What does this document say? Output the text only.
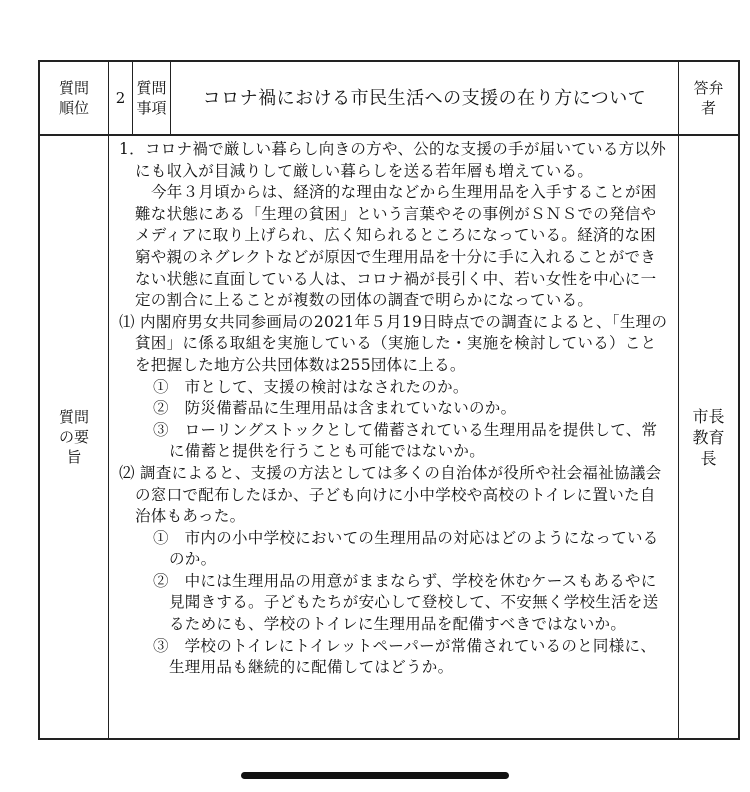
質問
順位
2
質問
事項 コロナ禍における市民生活への支援の在り方について	答弁
者
質問
の要
旨

1．コロナ禍で厳しい暮らし向きの方や、公的な支援の手が届いている方以外にも収入が目減りして厳しい暮らしを送る若年層も増えている。

今年３月頃からは、経済的な理由などから生理用品を入手することが困難な状態にある「生理の貧困」という言葉やその事例がＳＮＳでの発信やメディアに取り上げられ、広く知られるところになっている。経済的な困窮や親のネグレクトなどが原因で生理用品を十分に手に入れることができない状態に直面している人は、コロナ禍が長引く中、若い女性を中心に一定の割合に上ることが複数の団体の調査で明らかになっている。

⑴ 内閣府男女共同参画局の2021年５月19日時点での調査によると、「生理の貧困」に係る取組を実施している（実施した・実施を検討している）ことを把握した地方公共団体数は255団体に上る。

①　市として、支援の検討はなされたのか。

②　防災備蓄品に生理用品は含まれていないのか。

③　ローリングストックとして備蓄されている生理用品を提供して、常に備蓄と提供を行うことも可能ではないか。

⑵ 調査によると、支援の方法としては多くの自治体が役所や社会福祉協議会の窓口で配布したほか、子ども向けに小中学校や高校のトイレに置いた自治体もあった。

①　市内の小中学校においての生理用品の対応はどのようになっているのか。

②　中には生理用品の用意がままならず、学校を休むケースもあるやに見聞きする。子どもたちが安心して登校して、不安無く学校生活を送るためにも、学校のトイレに生理用品を配備すべきではないか。

③　学校のトイレにトイレットペーパーが常備されているのと同様に、生理用品も継続的に配備してはどうか。

市長
教育
長
